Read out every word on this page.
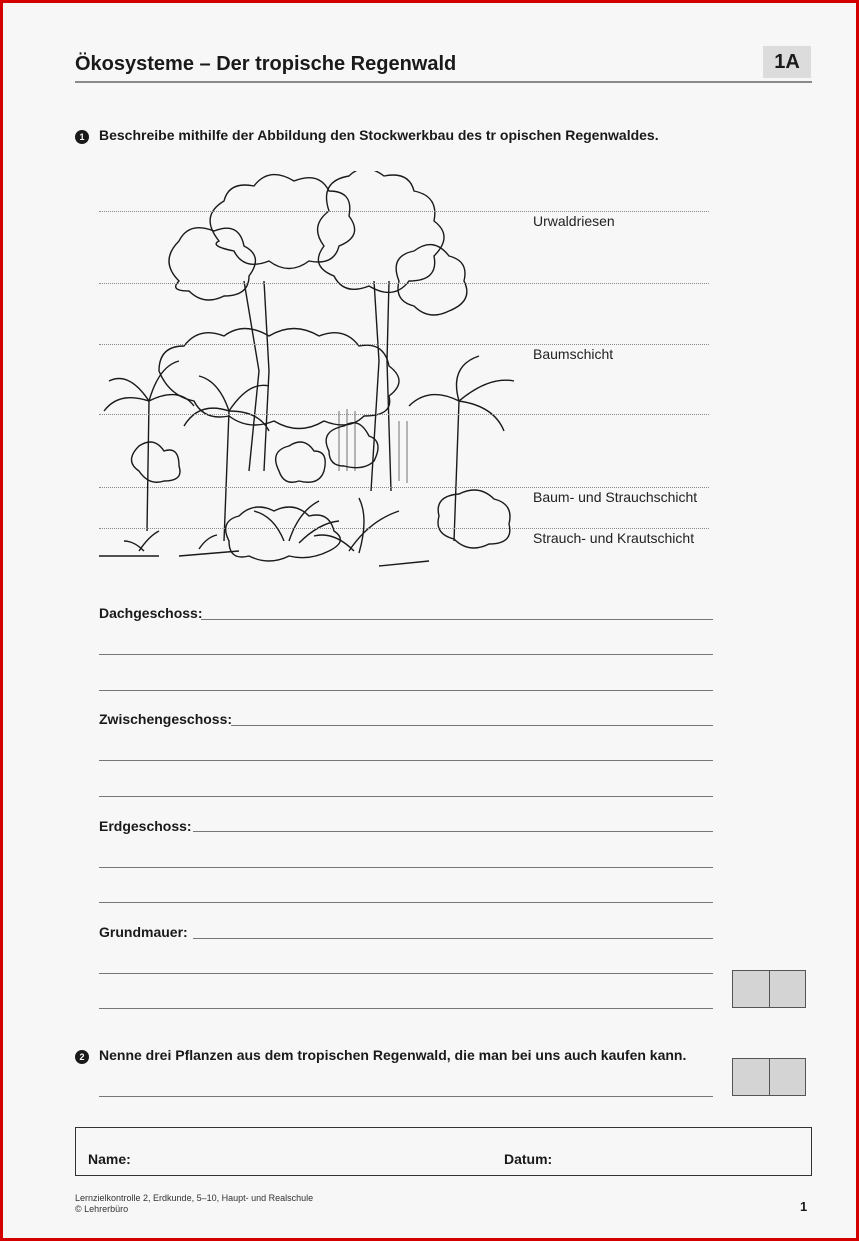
Ökosysteme – Der tropische Regenwald	1A
1	Beschreibe mithilfe der Abbildung den Stockwerkbau des tr opischen Regenwaldes.
Urwaldriesen
Baumschicht
Baum- und Strauchschicht
Strauch- und Krautschicht
Dachgeschoss:
Zwischengeschoss:
Erdgeschoss:
Grundmauer:
2	Nenne drei Pflanzen aus dem tropischen Regenwald, die man bei uns auch kaufen kann.
Name:	Datum:
Lernzielkontrolle 2, Erdkunde, 5–10, Haupt- und Realschule
© Lehrerbüro	1
